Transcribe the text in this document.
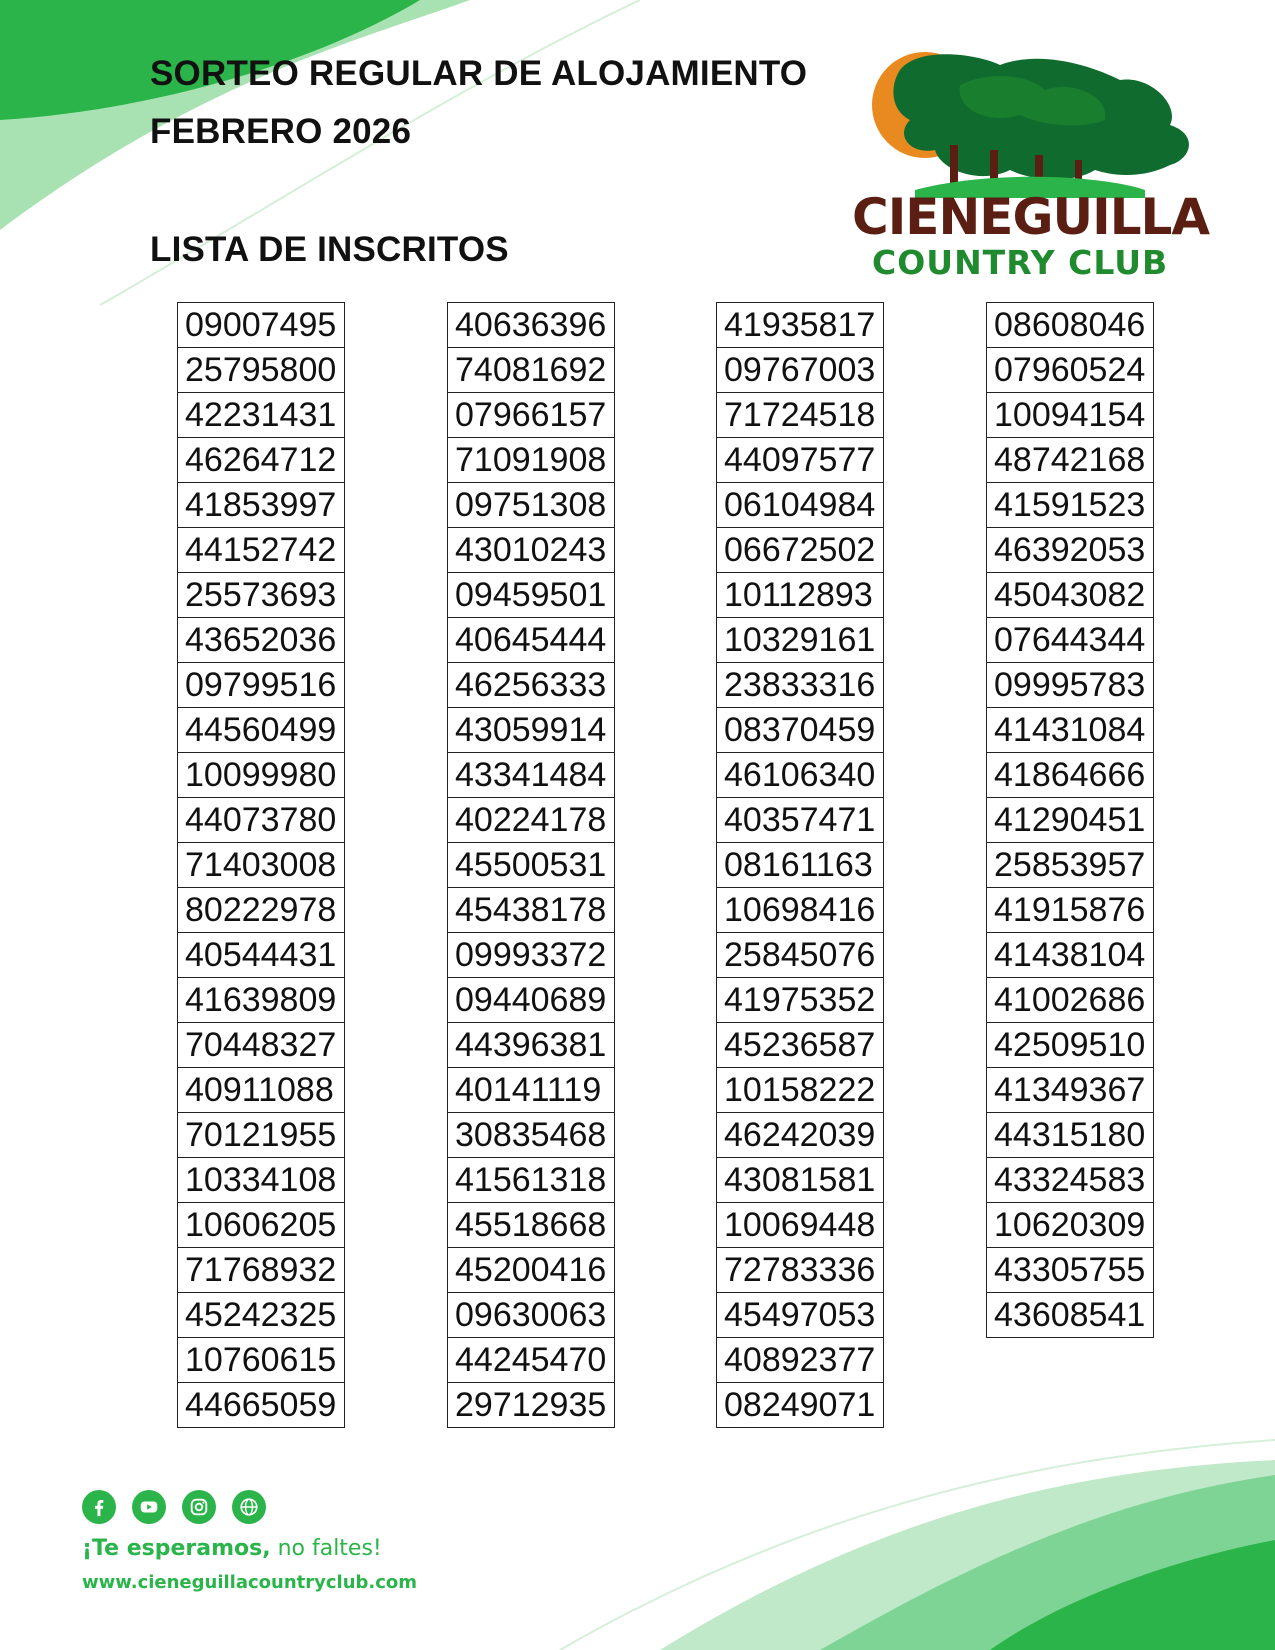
SORTEO REGULAR DE ALOJAMIENTO
FEBRERO 2026
LISTA DE INSCRITOS
CIENEGUILLA
COUNTRY CLUB
09007495
25795800
42231431
46264712
41853997
44152742
25573693
43652036
09799516
44560499
10099980
44073780
71403008
80222978
40544431
41639809
70448327
40911088
70121955
10334108
10606205
71768932
45242325
10760615
44665059
40636396
74081692
07966157
71091908
09751308
43010243
09459501
40645444
46256333
43059914
43341484
40224178
45500531
45438178
09993372
09440689
44396381
40141119
30835468
41561318
45518668
45200416
09630063
44245470
29712935
41935817
09767003
71724518
44097577
06104984
06672502
10112893
10329161
23833316
08370459
46106340
40357471
08161163
10698416
25845076
41975352
45236587
10158222
46242039
43081581
10069448
72783336
45497053
40892377
08249071
08608046
07960524
10094154
48742168
41591523
46392053
45043082
07644344
09995783
41431084
41864666
41290451
25853957
41915876
41438104
41002686
42509510
41349367
44315180
43324583
10620309
43305755
43608541

¡Te esperamos, no faltes!

www.cieneguillacountryclub.com
